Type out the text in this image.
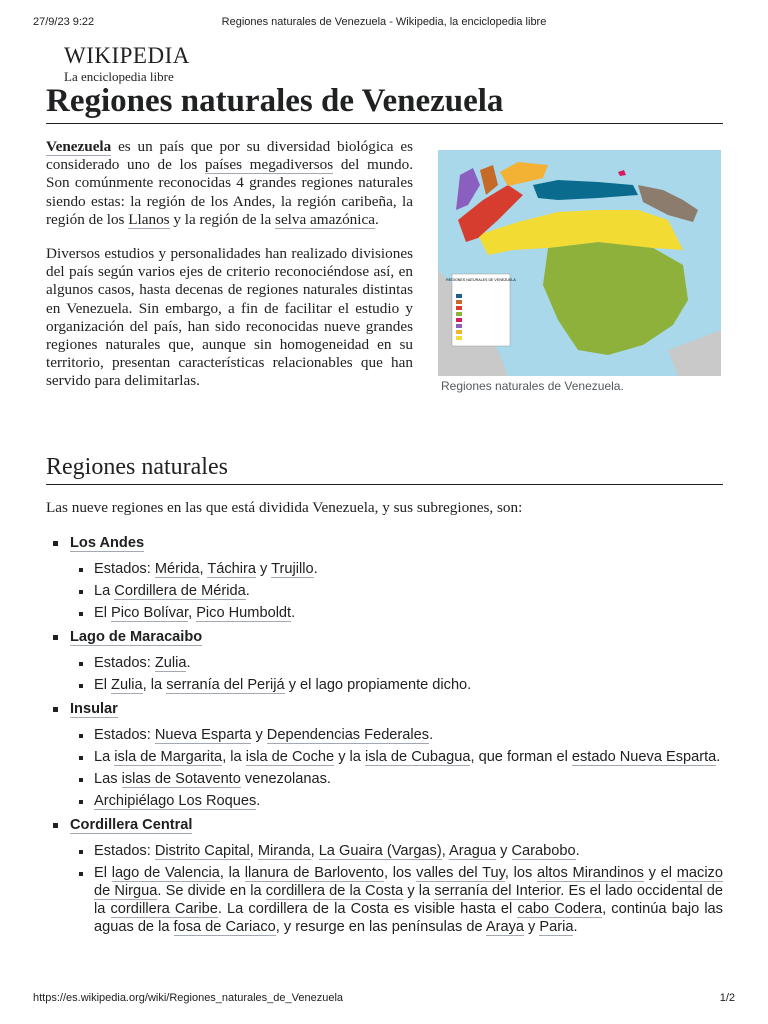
27/9/23 9:22	Regiones naturales de Venezuela - Wikipedia, la enciclopedia libre
WIKIPEDIA
La enciclopedia libre
Regiones naturales de Venezuela

Venezuela es un país que por su diversidad biológica es considerado uno de los países megadiversos del mundo. Son comúnmente reconocidas 4 grandes regiones naturales siendo estas: la región de los Andes, la región caribeña, la región de los Llanos y la región de la selva amazónica.

Diversos estudios y personalidades han realizado divisiones del país según varios ejes de criterio reconociéndose así, en algunos casos, hasta decenas de regiones naturales distintas en Venezuela. Sin embargo, a fin de facilitar el estudio y organización del país, han sido reconocidas nueve grandes regiones naturales que, aunque sin homogeneidad en su territorio, presentan características relacionables que han servido para delimitarlas.

REGIONES NATURALES DE VENEZUELA
Regiones naturales de Venezuela.
Regiones naturales
Las nueve regiones en las que está dividida Venezuela, y sus subregiones, son:
Los Andes
Estados: Mérida, Táchira y Trujillo.
La Cordillera de Mérida.
El Pico Bolívar, Pico Humboldt.
Lago de Maracaibo
Estados: Zulia.
El Zulia, la serranía del Perijá y el lago propiamente dicho.
Insular
Estados: Nueva Esparta y Dependencias Federales.
La isla de Margarita, la isla de Coche y la isla de Cubagua, que forman el estado Nueva Esparta.
Las islas de Sotavento venezolanas.
Archipiélago Los Roques.
Cordillera Central
Estados: Distrito Capital, Miranda, La Guaira (Vargas), Aragua y Carabobo.
El lago de Valencia, la llanura de Barlovento, los valles del Tuy, los altos Mirandinos y el macizo de Nirgua. Se divide en la cordillera de la Costa y la serranía del Interior. Es el lado occidental de la cordillera Caribe. La cordillera de la Costa es visible hasta el cabo Codera, continúa bajo las aguas de la fosa de Cariaco, y resurge en las penínsulas de Araya y Paria.
https://es.wikipedia.org/wiki/Regiones_naturales_de_Venezuela	1/2
